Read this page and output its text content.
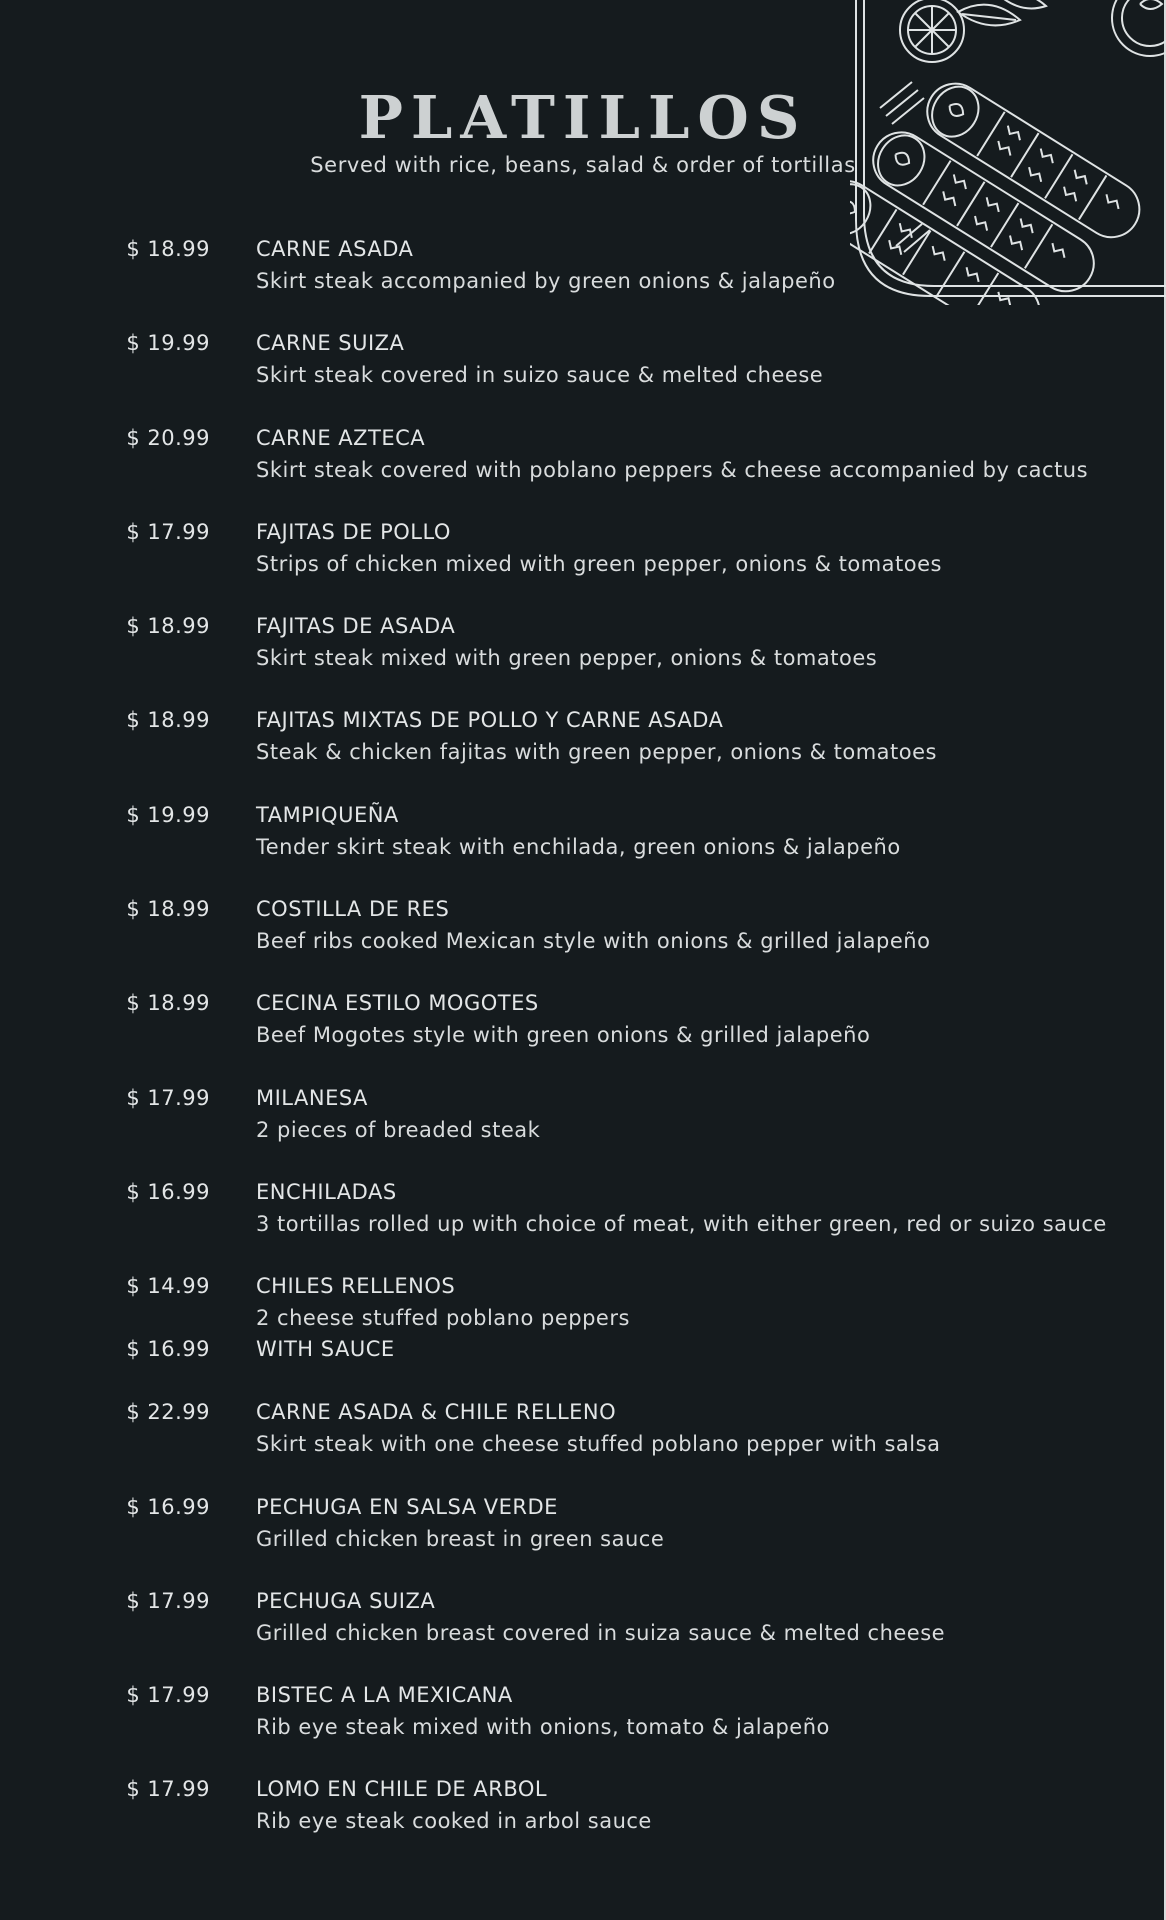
PLATILLOS
Served with rice, beans, salad & order of tortillas
$ 18.99 CARNE ASADA
Skirt steak accompanied by green onions & jalapeño
$ 19.99 CARNE SUIZA
Skirt steak covered in suizo sauce & melted cheese
$ 20.99 CARNE AZTECA
Skirt steak covered with poblano peppers & cheese accompanied by cactus
$ 17.99 FAJITAS DE POLLO
Strips of chicken mixed with green pepper, onions & tomatoes
$ 18.99 FAJITAS DE ASADA
Skirt steak mixed with green pepper, onions & tomatoes
$ 18.99 FAJITAS MIXTAS DE POLLO Y CARNE ASADA
Steak & chicken fajitas with green pepper, onions & tomatoes
$ 19.99 TAMPIQUEÑA
Tender skirt steak with enchilada, green onions & jalapeño
$ 18.99 COSTILLA DE RES
Beef ribs cooked Mexican style with onions & grilled jalapeño
$ 18.99 CECINA ESTILO MOGOTES
Beef Mogotes style with green onions & grilled jalapeño
$ 17.99 MILANESA
2 pieces of breaded steak
$ 16.99 ENCHILADAS
3 tortillas rolled up with choice of meat, with either green, red or suizo sauce
$ 14.99 CHILES RELLENOS
2 cheese stuffed poblano peppers
$ 16.99 WITH SAUCE
$ 22.99 CARNE ASADA & CHILE RELLENO
Skirt steak with one cheese stuffed poblano pepper with salsa
$ 16.99 PECHUGA EN SALSA VERDE
Grilled chicken breast in green sauce
$ 17.99 PECHUGA SUIZA
Grilled chicken breast covered in suiza sauce & melted cheese
$ 17.99 BISTEC A LA MEXICANA
Rib eye steak mixed with onions, tomato & jalapeño
$ 17.99 LOMO EN CHILE DE ARBOL
Rib eye steak cooked in arbol sauce
